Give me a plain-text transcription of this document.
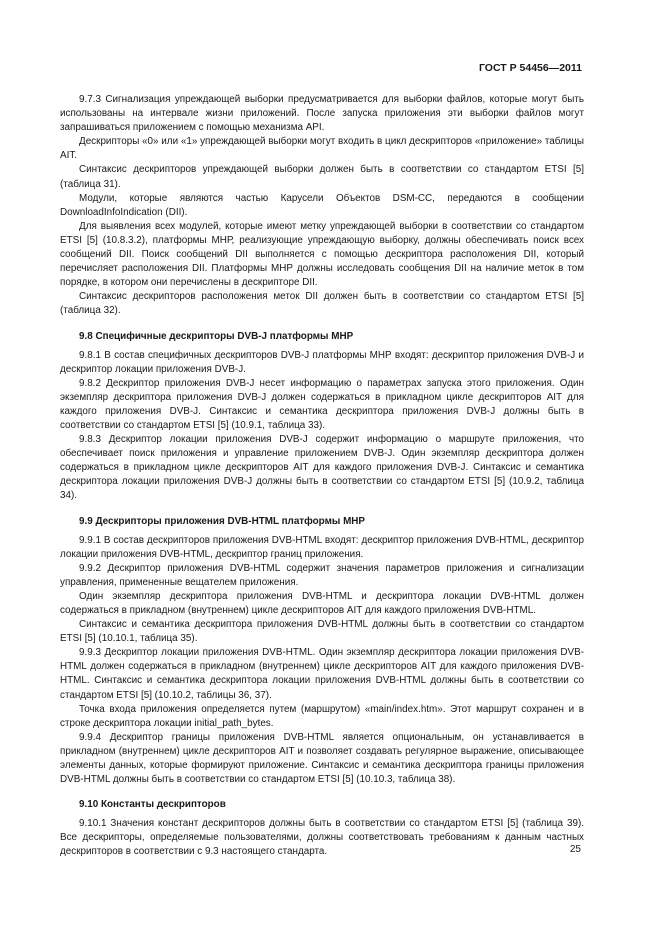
ГОСТ Р 54456—2011

9.7.3 Сигнализация упреждающей выборки предусматривается для выборки файлов, которые могут быть использованы на интервале жизни приложений. После запуска приложения эти выборки файлов могут запрашиваться приложением с помощью механизма API.

Дескрипторы «0» или «1» упреждающей выборки могут входить в цикл дескрипторов «приложение» таблицы AIT.

Синтаксис дескрипторов упреждающей выборки должен быть в соответствии со стандартом ETSI [5] (таблица 31).

Модули, которые являются частью Карусели Объектов DSM-CC, передаются в сообщении DownloadInfoIndication (DII).

Для выявления всех модулей, которые имеют метку упреждающей выборки в соответствии со стандартом ETSI [5] (10.8.3.2), платформы МНР, реализующие упреждающую выборку, должны обеспечивать поиск всех сообщений DII. Поиск сообщений DII выполняется с помощью дескриптора расположения DII, который перечисляет расположения DII. Платформы МНР должны исследовать сообщения DII на наличие меток в том порядке, в котором они перечислены в дескрипторе DII.

Синтаксис дескрипторов расположения меток DII должен быть в соответствии со стандартом ETSI [5] (таблица 32).

9.8 Специфичные дескрипторы DVB-J платформы МНР

9.8.1 В состав специфичных дескрипторов DVB-J платформы МНР входят: дескриптор приложения DVB-J и дескриптор локации приложения DVB-J.

9.8.2 Дескриптор приложения DVB-J несет информацию о параметрах запуска этого приложения. Один экземпляр дескриптора приложения DVB-J должен содержаться в прикладном цикле дескрипторов AIT для каждого приложения DVB-J. Синтаксис и семантика дескриптора приложения DVB-J должны быть в соответствии со стандартом ETSI [5] (10.9.1, таблица 33).

9.8.3 Дескриптор локации приложения DVB-J содержит информацию о маршруте приложения, что обеспечивает поиск приложения и управление приложением DVB-J. Один экземпляр дескриптора должен содержаться в прикладном цикле дескрипторов AIT для каждого приложения DVB-J. Синтаксис и семантика дескриптора локации приложения DVB-J должны быть в соответствии со стандартом ETSI [5] (10.9.2, таблица 34).

9.9 Дескрипторы приложения DVB-HTML платформы МНР

9.9.1 В состав дескрипторов приложения DVB-HTML входят: дескриптор приложения DVB-HTML, дескриптор локации приложения DVB-HTML, дескриптор границ приложения.

9.9.2 Дескриптор приложения DVB-HTML содержит значения параметров приложения и сигнализации управления, примененные вещателем приложения.

Один экземпляр дескриптора приложения DVB-HTML и дескриптора локации DVB-HTML должен содержаться в прикладном (внутреннем) цикле дескрипторов AIT для каждого приложения DVB-HTML.

Синтаксис и семантика дескриптора приложения DVB-HTML должны быть в соответствии со стандартом ETSI [5] (10.10.1, таблица 35).

9.9.3 Дескриптор локации приложения DVB-HTML. Один экземпляр дескриптора локации приложения DVB-HTML должен содержаться в прикладном (внутреннем) цикле дескрипторов AIT для каждого приложения DVB-HTML. Синтаксис и семантика дескриптора локации приложения DVB-HTML должны быть в соответствии со стандартом ETSI [5] (10.10.2, таблицы 36, 37).

Точка входа приложения определяется путем (маршрутом) «main/index.htm». Этот маршрут сохранен и в строке дескриптора локации initial_path_bytes.

9.9.4 Дескриптор границы приложения DVB-HTML является опциональным, он устанавливается в прикладном (внутреннем) цикле дескрипторов AIT и позволяет создавать регулярное выражение, описывающее элементы данных, которые формируют приложение. Синтаксис и семантика дескриптора границы приложения DVB-HTML должны быть в соответствии со стандартом ETSI [5] (10.10.3, таблица 38).

9.10 Константы дескрипторов

9.10.1 Значения констант дескрипторов должны быть в соответствии со стандартом ETSI [5] (таблица 39). Все дескрипторы, определяемые пользователями, должны соответствовать требованиям к данным частных дескрипторов в соответствии с 9.3 настоящего стандарта.	25
